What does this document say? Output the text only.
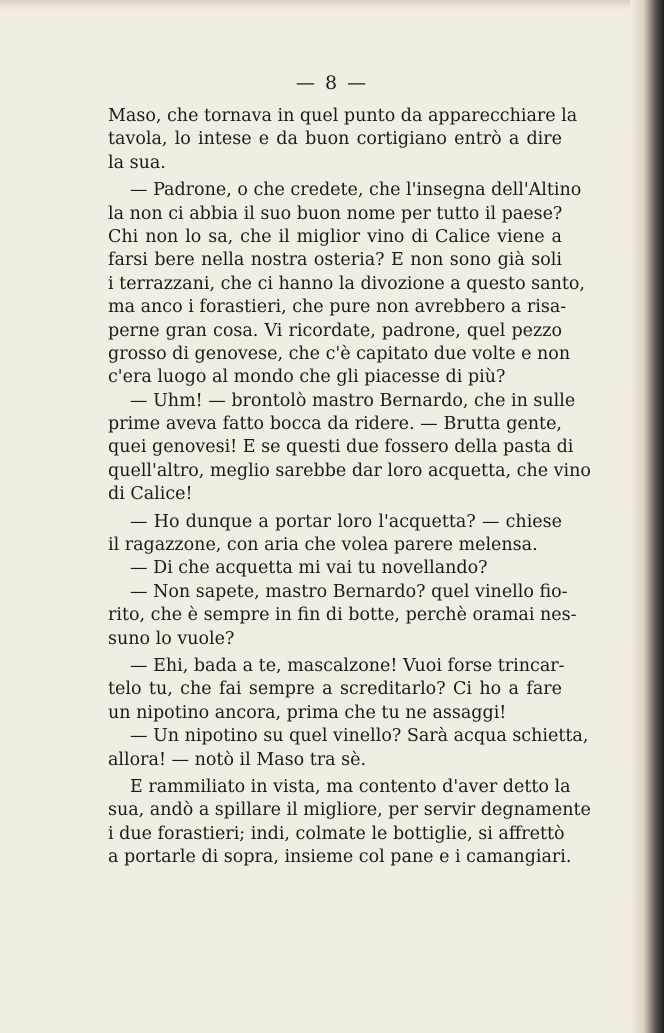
— 8 —
Maso, che tornava in quel punto da apparecchiare la
tavola, lo intese e da buon cortigiano entrò a dire
la sua.
— Padrone, o che credete, che l'insegna dell'Altino
la non ci abbia il suo buon nome per tutto il paese?
Chi non lo sa, che il miglior vino di Calice viene a
farsi bere nella nostra osteria? E non sono già soli
i terrazzani, che ci hanno la divozione a questo santo,
ma anco i forastieri, che pure non avrebbero a risa-
perne gran cosa. Vi ricordate, padrone, quel pezzo
grosso di genovese, che c'è capitato due volte e non
c'era luogo al mondo che gli piacesse di più?
— Uhm! — brontolò mastro Bernardo, che in sulle
prime aveva fatto bocca da ridere. — Brutta gente,
quei genovesi! E se questi due fossero della pasta di
quell'altro, meglio sarebbe dar loro acquetta, che vino
di Calice!
— Ho dunque a portar loro l'acquetta? — chiese
il ragazzone, con aria che volea parere melensa.
— Di che acquetta mi vai tu novellando?
— Non sapete, mastro Bernardo? quel vinello fio-
rito, che è sempre in fin di botte, perchè oramai nes-
suno lo vuole?
— Ehi, bada a te, mascalzone! Vuoi forse trincar-
telo tu, che fai sempre a screditarlo? Ci ho a fare
un nipotino ancora, prima che tu ne assaggi!
— Un nipotino su quel vinello? Sarà acqua schietta,
allora! — notò il Maso tra sè.
E rammiliato in vista, ma contento d'aver detto la
sua, andò a spillare il migliore, per servir degnamente
i due forastieri; indi, colmate le bottiglie, si affrettò
a portarle di sopra, insieme col pane e i camangiari.
